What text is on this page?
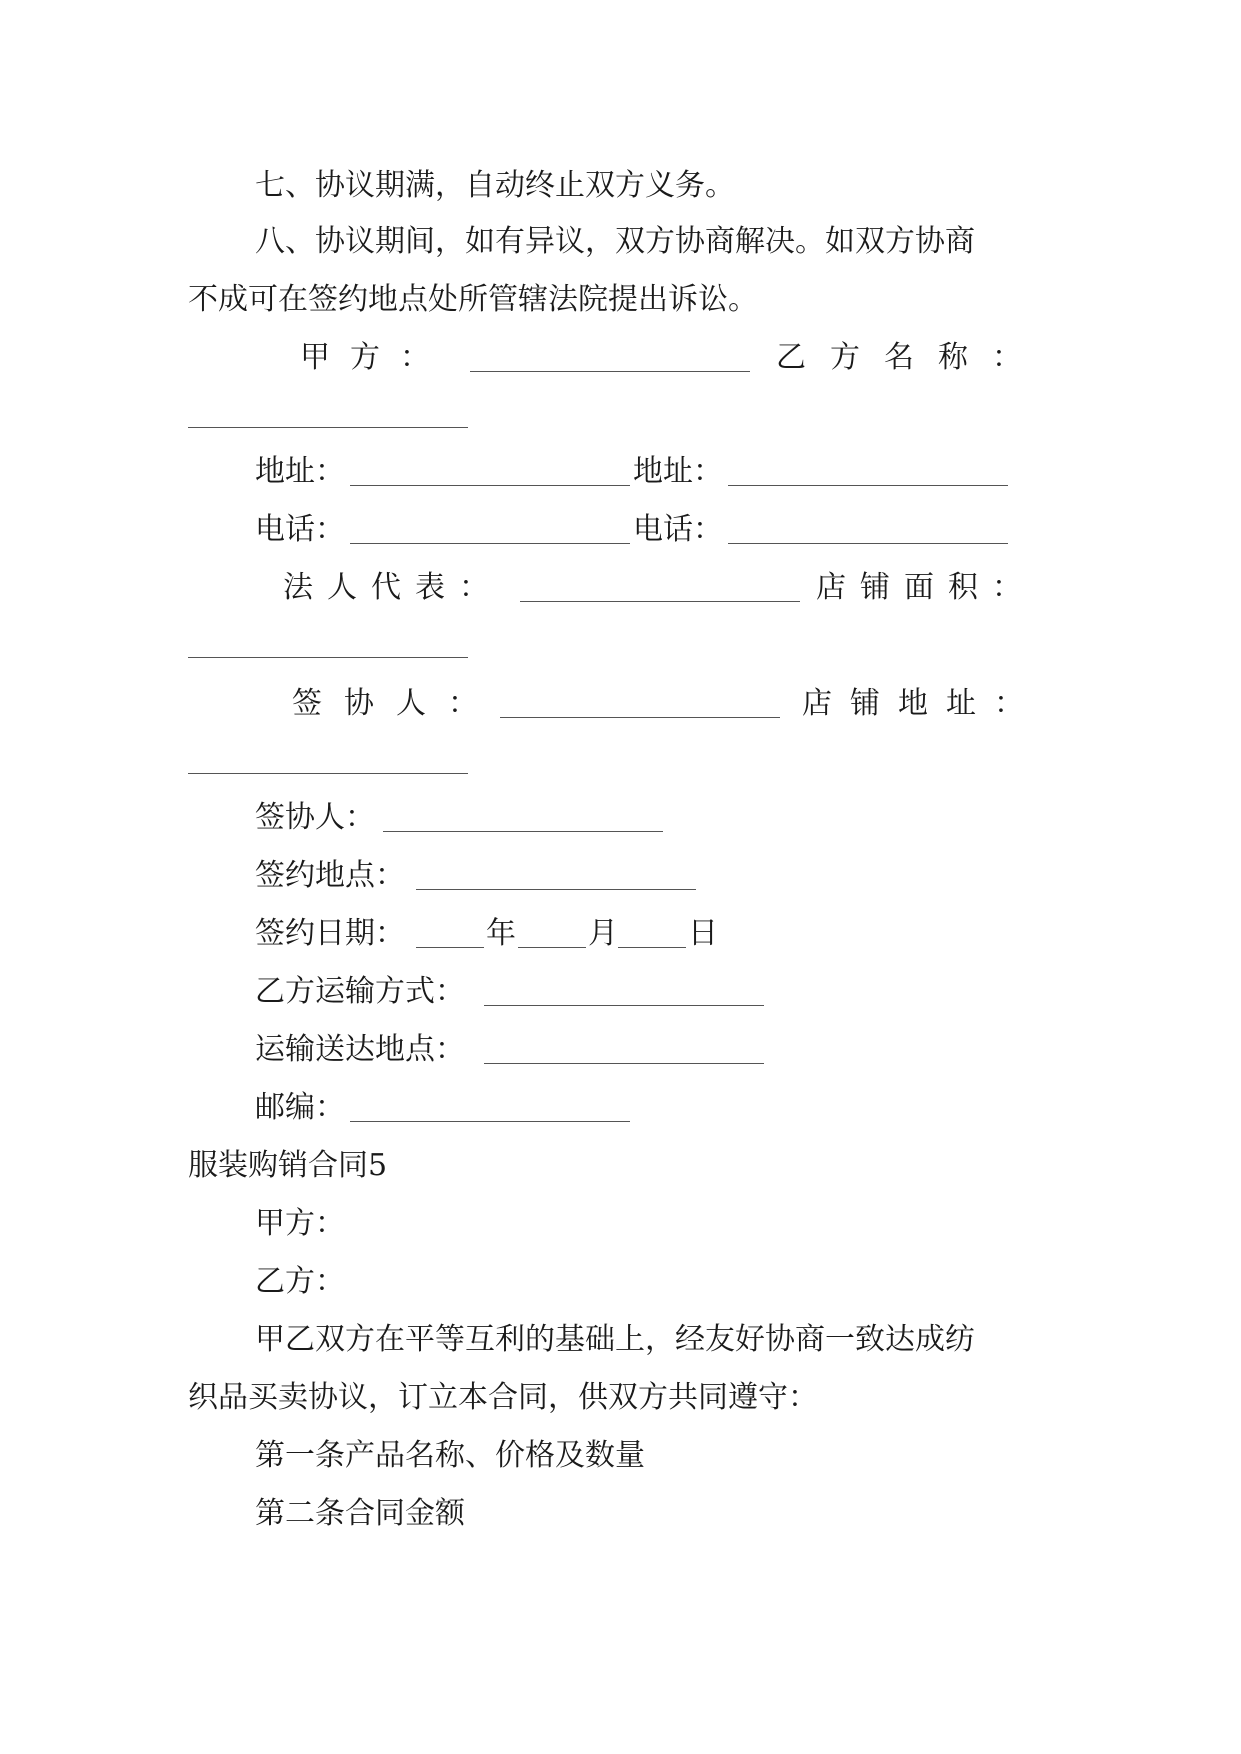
七、协议期满，自动终止双方义务。
八、协议期间，如有异议，双方协商解决。如双方协商
不成可在签约地点处所管辖法院提出诉讼。
甲方：	乙方名称：
地址：	地址：
电话：	电话：
法人代表：	店铺面积：
签协人：	店铺地址：
签协人：
签约地点：
签约日期：	年 月 日
乙方运输方式：
运输送达地点：
邮编：
服装购销合同5
甲方：
乙方：
甲乙双方在平等互利的基础上，经友好协商一致达成纺
织品买卖协议，订立本合同，供双方共同遵守：
第一条产品名称、价格及数量
第二条合同金额
